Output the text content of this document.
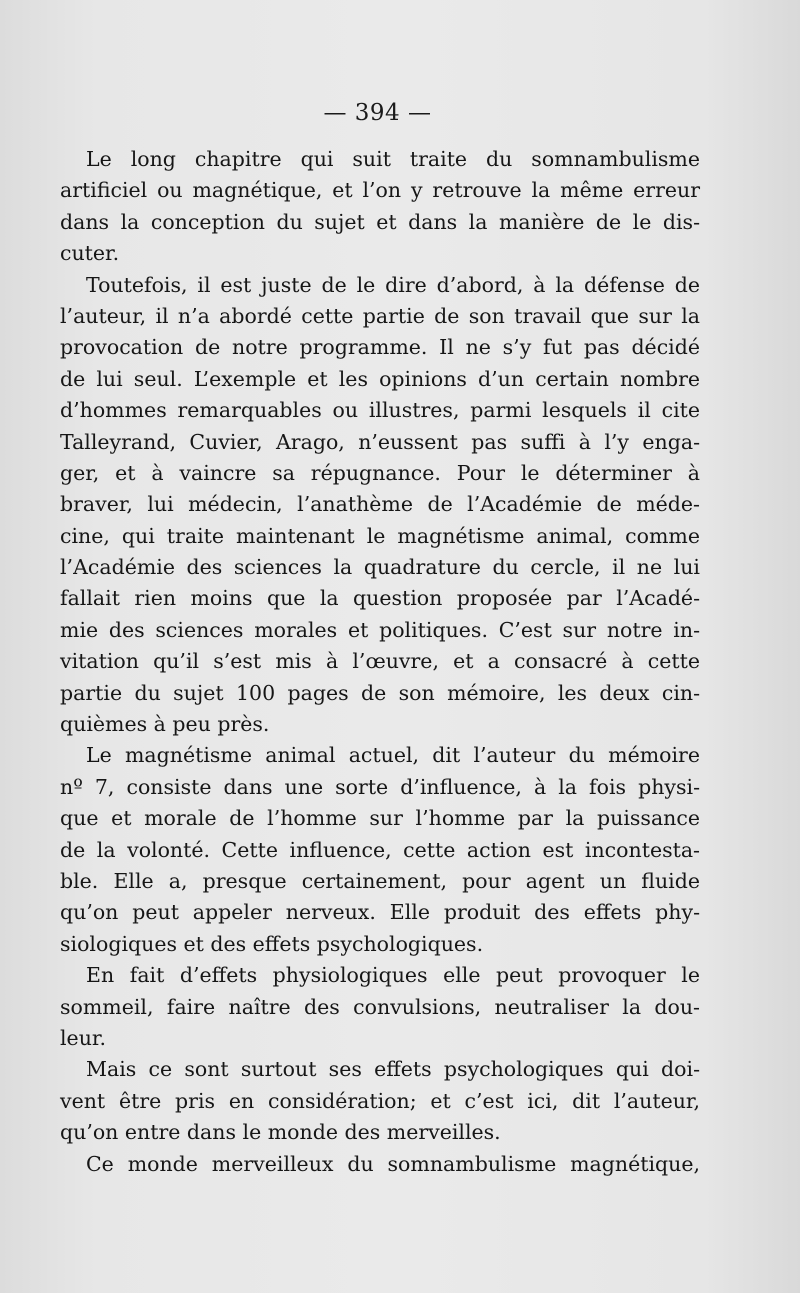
— 394 —
Le long chapitre qui suit traite du somnambulisme
artificiel ou magnétique, et l’on y retrouve la même erreur
dans la conception du sujet et dans la manière de le dis-
cuter.
Toutefois, il est juste de le dire d’abord, à la défense de
l’auteur, il n’a abordé cette partie de son travail que sur la
provocation de notre programme. Il ne s’y fut pas décidé
de lui seul. L’exemple et les opinions d’un certain nombre
d’hommes remarquables ou illustres, parmi lesquels il cite
Talleyrand, Cuvier, Arago, n’eussent pas suffi à l’y enga-
ger, et à vaincre sa répugnance. Pour le déterminer à
braver, lui médecin, l’anathème de l’Académie de méde-
cine, qui traite maintenant le magnétisme animal, comme
l’Académie des sciences la quadrature du cercle, il ne lui
fallait rien moins que la question proposée par l’Acadé-
mie des sciences morales et politiques. C’est sur notre in-
vitation qu’il s’est mis à l’œuvre, et a consacré à cette
partie du sujet 100 pages de son mémoire, les deux cin-
quièmes à peu près.
Le magnétisme animal actuel, dit l’auteur du mémoire
nº 7, consiste dans une sorte d’influence, à la fois physi-
que et morale de l’homme sur l’homme par la puissance
de la volonté. Cette influence, cette action est incontesta-
ble. Elle a, presque certainement, pour agent un fluide
qu’on peut appeler nerveux. Elle produit des effets phy-
siologiques et des effets psychologiques.
En fait d’effets physiologiques elle peut provoquer le
sommeil, faire naître des convulsions, neutraliser la dou-
leur.
Mais ce sont surtout ses effets psychologiques qui doi-
vent être pris en considération; et c’est ici, dit l’auteur,
qu’on entre dans le monde des merveilles.
Ce monde merveilleux du somnambulisme magnétique,
